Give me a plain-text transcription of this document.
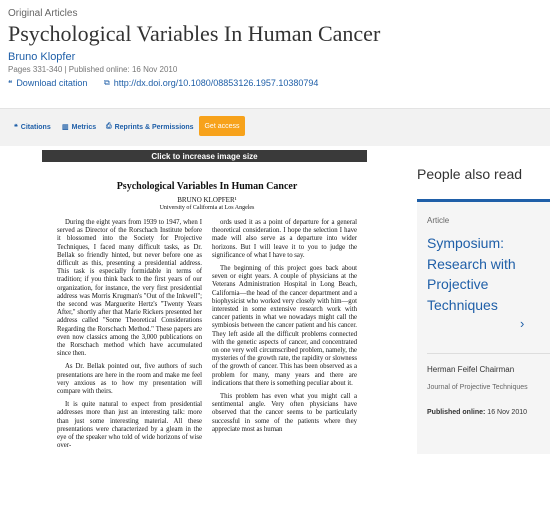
Original Articles
Psychological Variables In Human Cancer
Bruno Klopfer
Pages 331-340 | Published online: 16 Nov 2010
❝ Download citation ⧉ http://dx.doi.org/10.1080/08853126.1957.10380794
❝ Citations ▥ Metrics ⎙ Reprints & Permissions	Get access
Click to increase image size
Psychological Variables In Human Cancer
BRUNO KLOPFER¹
University of California at Los Angeles

During the eight years from 1939 to 1947, when I served as Director of the Rorschach Institute before it blossomed into the Society for Projective Techniques, I faced many difficult tasks, as Dr. Bellak so friendly hinted, but never before one as difficult as this, presenting a presidential address. This task is especially formidable in terms of tradition; if you think back to the first years of our organization, for instance, the very first presidential address was Morris Krugman's "Out of the Inkwell"; the second was Marguerite Hertz's "Twenty Years After," shortly after that Marie Rickers presented her address called "Some Theoretical Considerations Regarding the Rorschach Method." These papers are even now classics among the 3,000 publications on the Rorschach method which have accumulated since then.

As Dr. Bellak pointed out, five authors of such presentations are here in the room and make me feel very anxious as to how my presentation will compare with theirs.

It is quite natural to expect from presidential addresses more than just an interesting talk: more than just some interesting material. All these presentations were characterized by a gleam in the eye of the speaker who told of wide horizons of wise over-

ords used it as a point of departure for a general theoretical consideration. I hope the selection I have made will also serve as a departure into wider horizons. But I will leave it to you to judge the significance of what I have to say.

The beginning of this project goes back about seven or eight years. A couple of physicians at the Veterans Administration Hospital in Long Beach, California—the head of the cancer department and a biophysicist who worked very closely with him—got interested in some extensive research work with cancer patients in what we nowadays might call the symbiosis between the cancer patient and his cancer. They left aside all the difficult problems connected with the genetic aspects of cancer, and concentrated on one very well circumscribed problem, namely, the mysteries of the growth rate, the rapidity or slowness of the growth of cancer. This has been observed as a problem for many, many years and there are indications that there is something peculiar about it.

This problem has even what you might call a sentimental angle. Very often physicians have observed that the cancer seems to be particularly successful in some of the patients where they appreciate most as human

People also read
Article
Symposium: Research with Projective Techniques
›
Herman Feifel Chairman
Journal of Projective Techniques
Published online: 16 Nov 2010
